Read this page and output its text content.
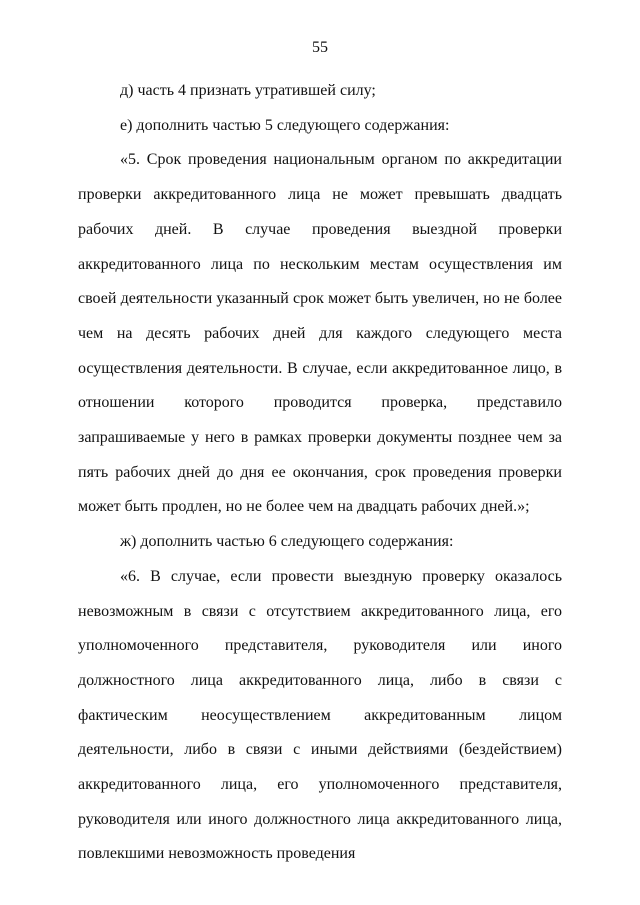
55

д) часть 4 признать утратившей силу;

е) дополнить частью 5 следующего содержания:

«5. Срок проведения национальным органом по аккредитации проверки аккредитованного лица не может превышать двадцать рабочих дней. В случае проведения выездной проверки аккредитованного лица по нескольким местам осуществления им своей деятельности указанный срок может быть увеличен, но не более чем на десять рабочих дней для каждого следующего места осуществления деятельности. В случае, если аккредитованное лицо, в отношении которого проводится проверка, представило запрашиваемые у него в рамках проверки документы позднее чем за пять рабочих дней до дня ее окончания, срок проведения проверки может быть продлен, но не более чем на двадцать рабочих дней.»;

ж) дополнить частью 6 следующего содержания:

«6. В случае, если провести выездную проверку оказалось невозможным в связи с отсутствием аккредитованного лица, его уполномоченного представителя, руководителя или иного должностного лица аккредитованного лица, либо в связи с фактическим неосуществлением аккредитованным лицом деятельности, либо в связи с иными действиями (бездействием) аккредитованного лица, его уполномоченного представителя, руководителя или иного должностного лица аккредитованного лица, повлекшими невозможность проведения
